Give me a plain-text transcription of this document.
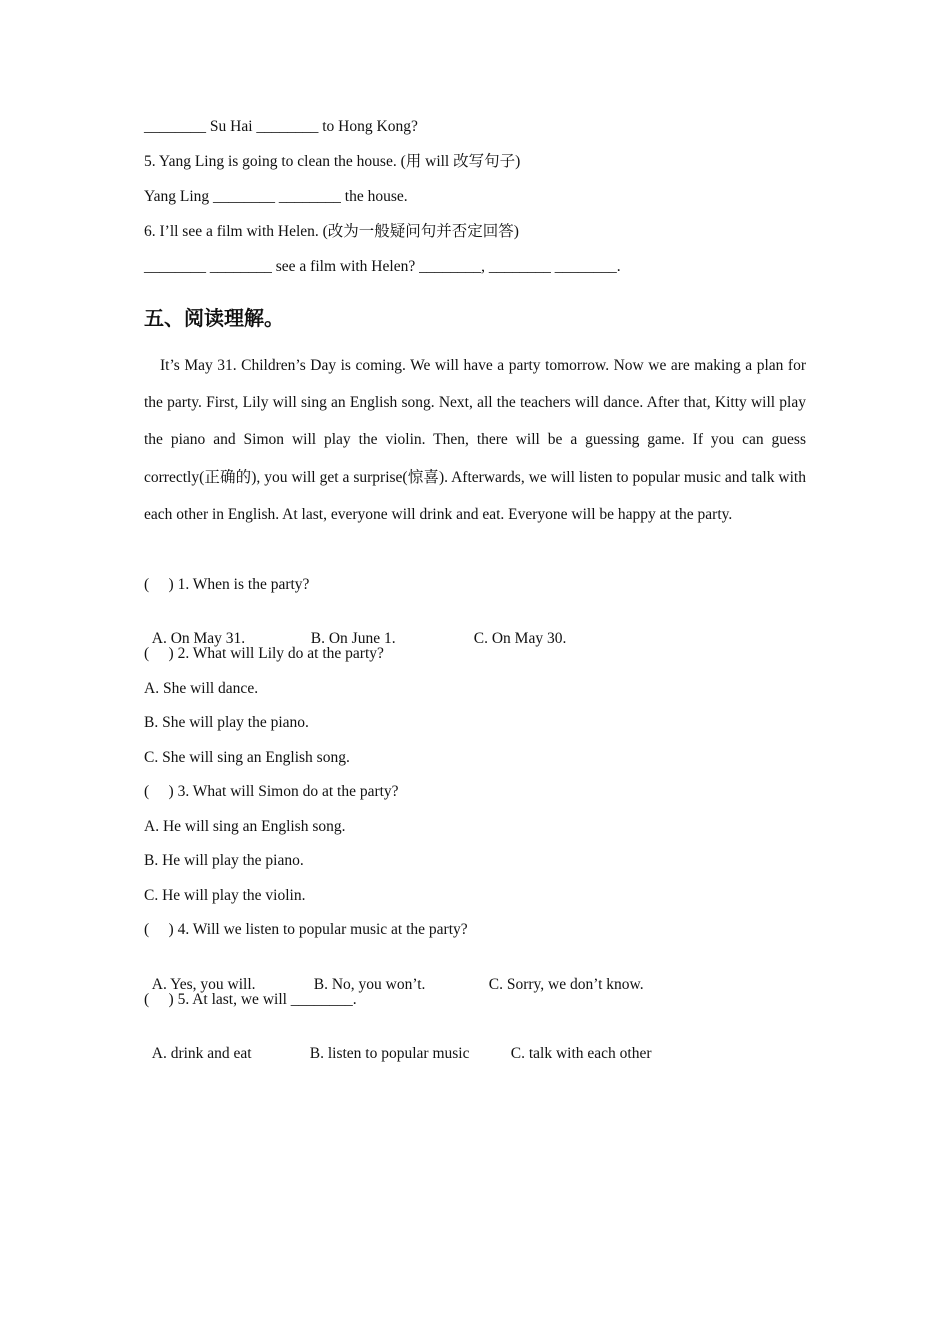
________ Su Hai ________ to Hong Kong?
5. Yang Ling is going to clean the house. (用 will 改写句子)
Yang Ling ________ ________ the house.
6. I’ll see a film with Helen. (改为一般疑问句并否定回答)
________ ________ see a film with Helen? ________, ________ ________.
五、阅读理解。

It’s May 31. Children’s Day is coming. We will have a party tomorrow. Now we are making a plan for the party. First, Lily will sing an English song. Next, all the teachers will dance. After that, Kitty will play the piano and Simon will play the violin. Then, there will be a guessing game. If you can guess correctly(正确的), you will get a surprise(惊喜). Afterwards, we will listen to popular music and talk with each other in English. At last, everyone will drink and eat. Everyone will be happy at the party.

(     ) 1. When is the party?

A. On May 31.	B. On June 1.	C. On May 30.

(     ) 2. What will Lily do at the party?
A. She will dance.
B. She will play the piano.
C. She will sing an English song.
(     ) 3. What will Simon do at the party?
A. He will sing an English song.
B. He will play the piano.
C. He will play the violin.
(     ) 4. Will we listen to popular music at the party?

A. Yes, you will.	B. No, you won’t.	C. Sorry, we don’t know.

(     ) 5. At last, we will ________.

A. drink and eat	B. listen to popular music	C. talk with each other
